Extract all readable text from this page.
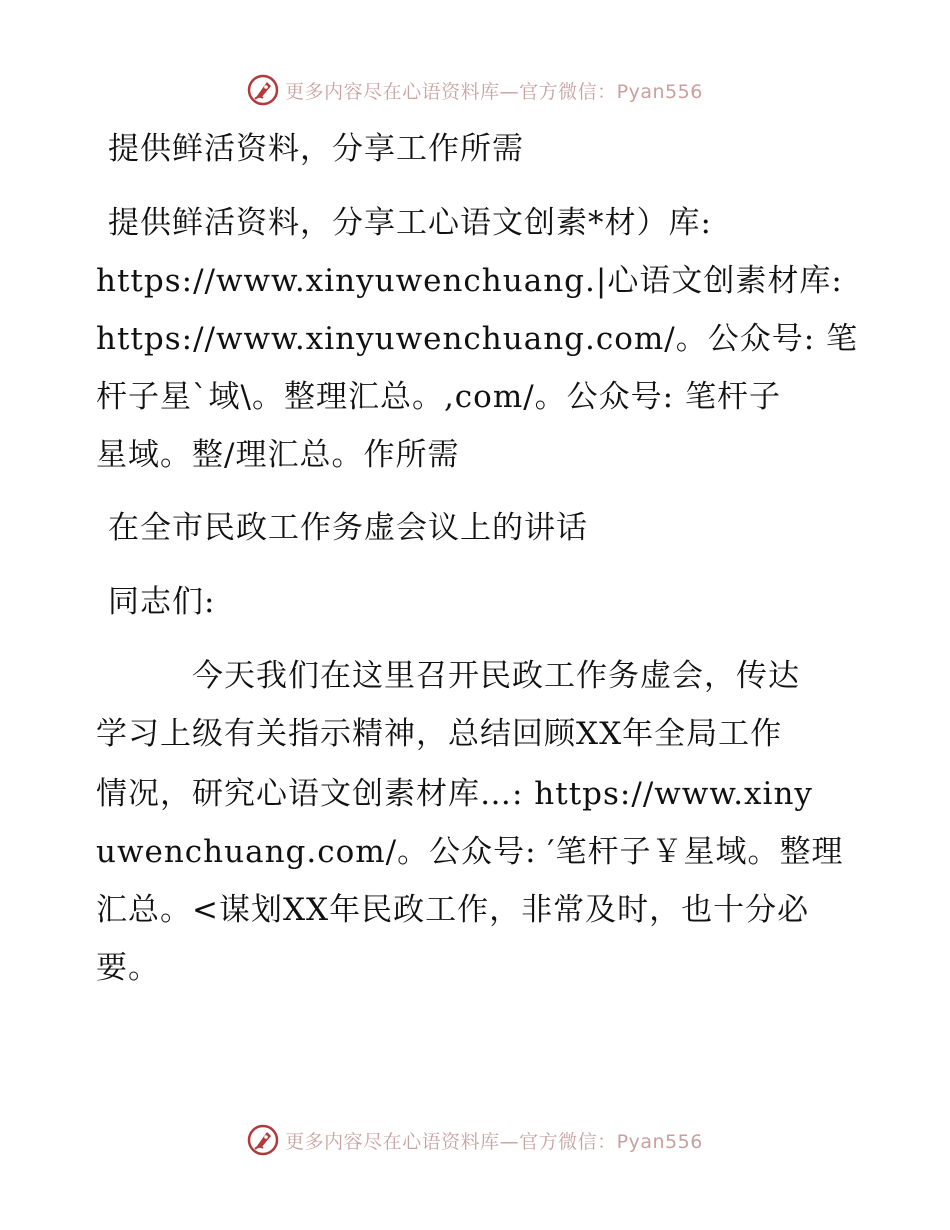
更多内容尽在心语资料库—官方微信：Pyan556
提供鲜活资料，分享工作所需
提供鲜活资料，分享工心语文创素*材）库:
https://www.xinyuwenchuang.|心语文创素材库:
https://www.xinyuwenchuang.com/。公众号: 笔
杆子星`域\。整理汇总。,com/。公众号: 笔杆子
星域。整/理汇总。作所需
在全市民政工作务虚会议上的讲话
同志们:
今天我们在这里召开民政工作务虚会，传达
学习上级有关指示精神，总结回顾XX年全局工作
情况，研究心语文创素材库…: https://www.xiny
uwenchuang.com/。公众号: ′笔杆子￥星域。整理
汇总。<谋划XX年民政工作，非常及时，也十分必
要。
更多内容尽在心语资料库—官方微信：Pyan556
